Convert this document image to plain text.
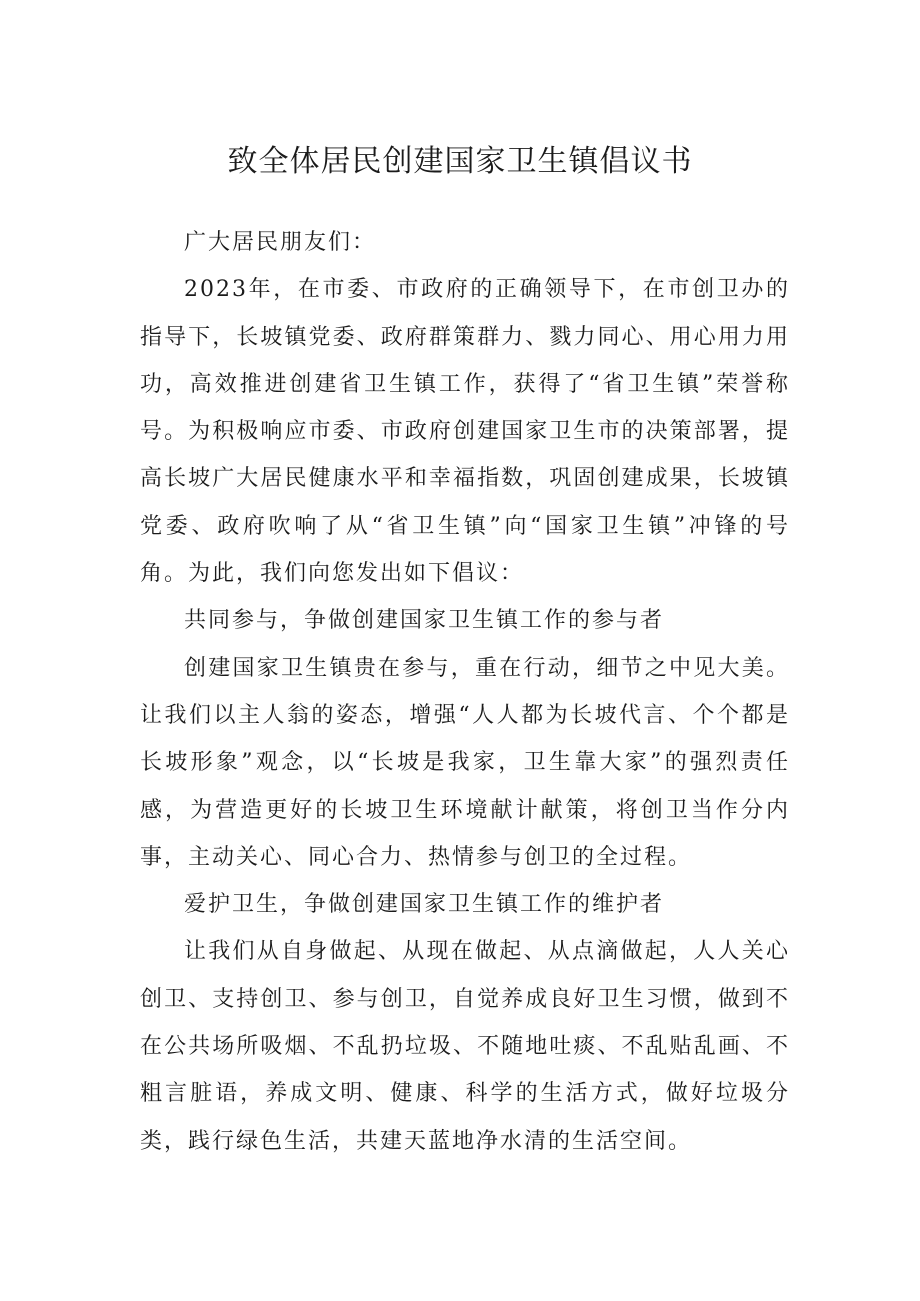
致全体居民创建国家卫生镇倡议书

广大居民朋友们：

2023年，在市委、市政府的正确领导下，在市创卫办的指导下，长坡镇党委、政府群策群力、戮力同心、用心用力用功，高效推进创建省卫生镇工作，获得了“省卫生镇”荣誉称号。为积极响应市委、市政府创建国家卫生市的决策部署，提高长坡广大居民健康水平和幸福指数，巩固创建成果，长坡镇党委、政府吹响了从“省卫生镇”向“国家卫生镇”冲锋的号角。为此，我们向您发出如下倡议：

共同参与，争做创建国家卫生镇工作的参与者

创建国家卫生镇贵在参与，重在行动，细节之中见大美。让我们以主人翁的姿态，增强“人人都为长坡代言、个个都是长坡形象”观念，以“长坡是我家，卫生靠大家”的强烈责任感，为营造更好的长坡卫生环境献计献策，将创卫当作分内事，主动关心、同心合力、热情参与创卫的全过程。

爱护卫生，争做创建国家卫生镇工作的维护者

让我们从自身做起、从现在做起、从点滴做起，人人关心创卫、支持创卫、参与创卫，自觉养成良好卫生习惯，做到不在公共场所吸烟、不乱扔垃圾、不随地吐痰、不乱贴乱画、不粗言脏语，养成文明、健康、科学的生活方式，做好垃圾分类，践行绿色生活，共建天蓝地净水清的生活空间。
